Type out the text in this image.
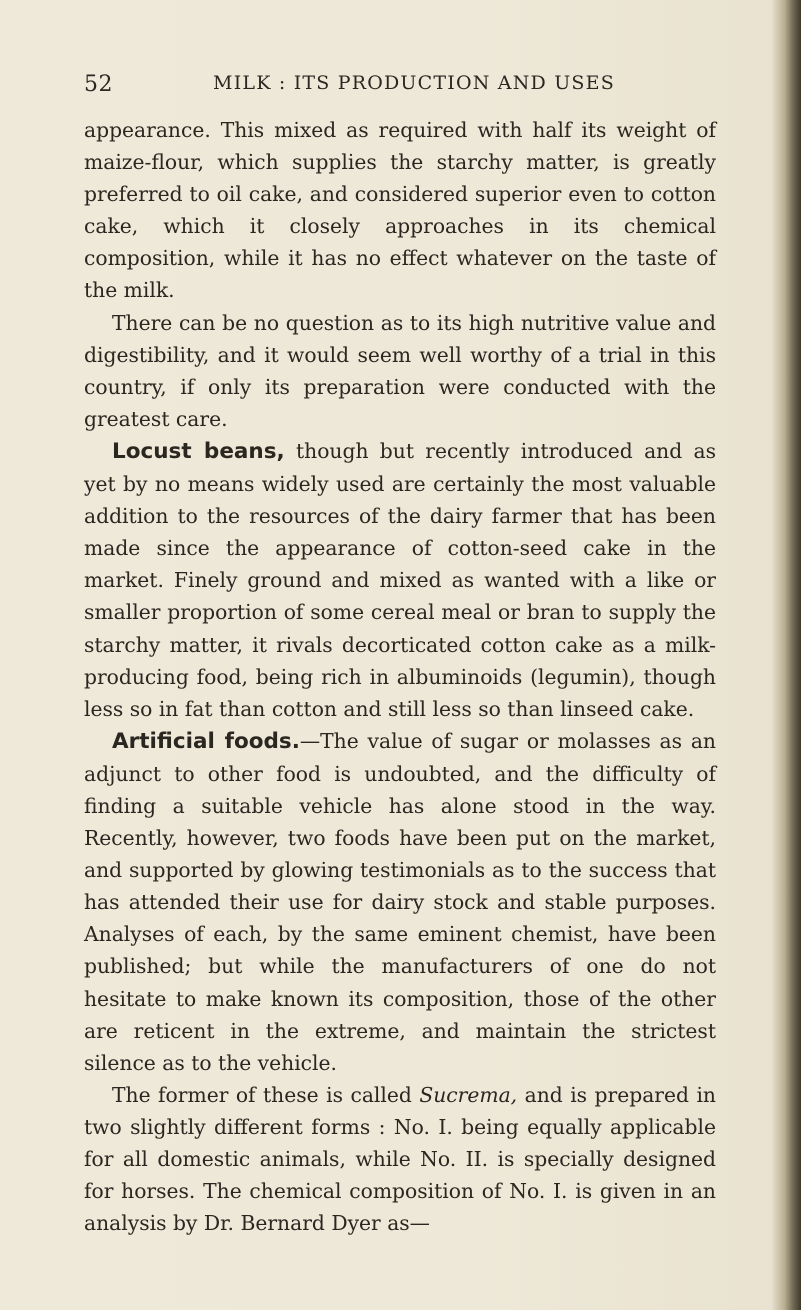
52	MILK : ITS PRODUCTION AND USES

appearance. This mixed as required with half its weight of maize-flour, which supplies the starchy matter, is greatly preferred to oil cake, and considered superior even to cotton cake, which it closely approaches in its chemical composition, while it has no effect whatever on the taste of the milk.

There can be no question as to its high nutritive value and digestibility, and it would seem well worthy of a trial in this country, if only its preparation were conducted with the greatest care.

Locust beans, though but recently introduced and as yet by no means widely used are certainly the most valuable addition to the resources of the dairy farmer that has been made since the appearance of cotton-seed cake in the market. Finely ground and mixed as wanted with a like or smaller proportion of some cereal meal or bran to supply the starchy matter, it rivals decorticated cotton cake as a milk-producing food, being rich in albuminoids (legumin), though less so in fat than cotton and still less so than linseed cake.

Artificial foods.—The value of sugar or molasses as an adjunct to other food is undoubted, and the difficulty of finding a suitable vehicle has alone stood in the way. Recently, however, two foods have been put on the market, and supported by glowing testimonials as to the success that has attended their use for dairy stock and stable purposes. Analyses of each, by the same eminent chemist, have been published; but while the manufacturers of one do not hesitate to make known its composition, those of the other are reticent in the extreme, and maintain the strictest silence as to the vehicle.

The former of these is called Sucrema, and is prepared in two slightly different forms : No. I. being equally applicable for all domestic animals, while No. II. is specially designed for horses. The chemical composition of No. I. is given in an analysis by Dr. Bernard Dyer as—
